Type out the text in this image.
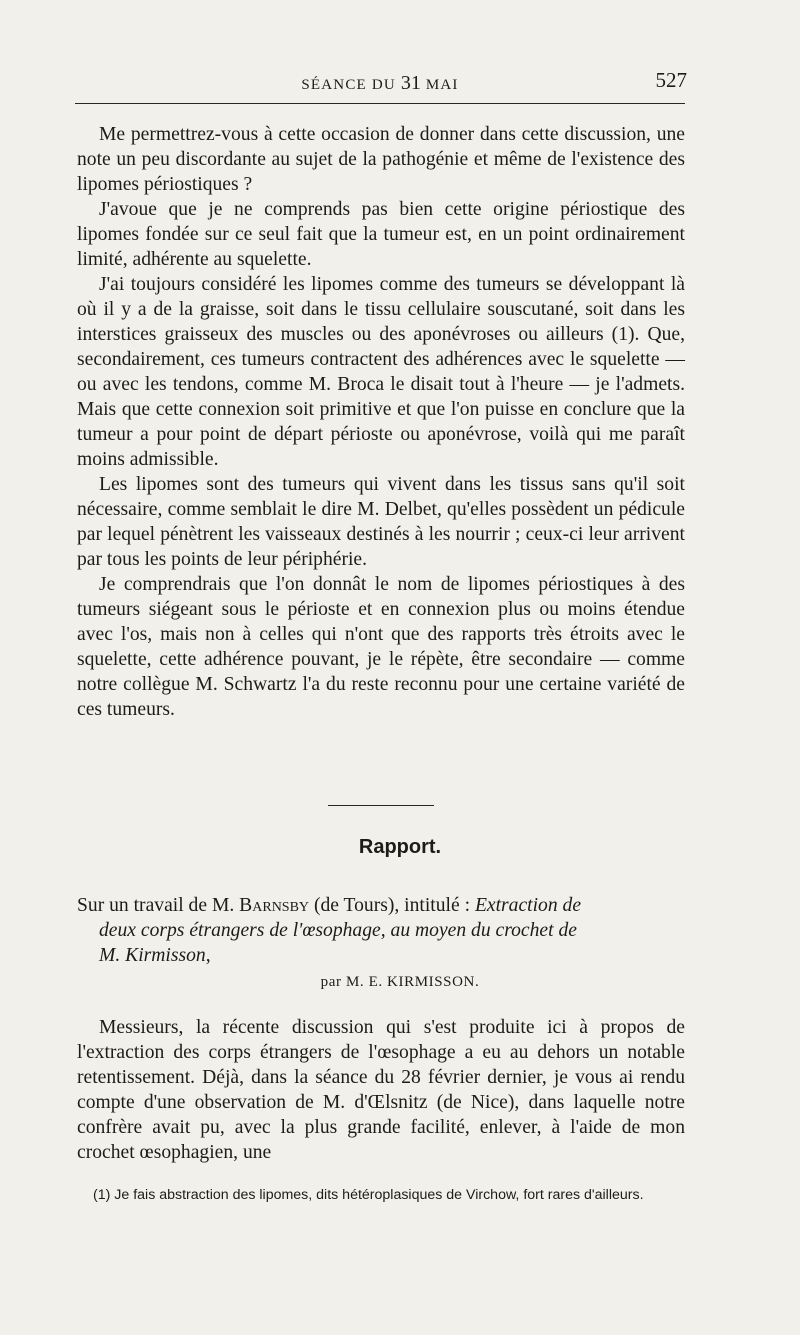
SÉANCE DU 31 MAI	527

Me permettrez-vous à cette occasion de donner dans cette discussion, une note un peu discordante au sujet de la pathogénie et même de l'existence des lipomes périostiques ?

J'avoue que je ne comprends pas bien cette origine périostique des lipomes fondée sur ce seul fait que la tumeur est, en un point ordinairement limité, adhérente au squelette.

J'ai toujours considéré les lipomes comme des tumeurs se développant là où il y a de la graisse, soit dans le tissu cellulaire souscutané, soit dans les interstices graisseux des muscles ou des aponévroses ou ailleurs (1). Que, secondairement, ces tumeurs contractent des adhérences avec le squelette — ou avec les tendons, comme M. Broca le disait tout à l'heure — je l'admets. Mais que cette connexion soit primitive et que l'on puisse en conclure que la tumeur a pour point de départ périoste ou aponévrose, voilà qui me paraît moins admissible.

Les lipomes sont des tumeurs qui vivent dans les tissus sans qu'il soit nécessaire, comme semblait le dire M. Delbet, qu'elles possèdent un pédicule par lequel pénètrent les vaisseaux destinés à les nourrir ; ceux-ci leur arrivent par tous les points de leur périphérie.

Je comprendrais que l'on donnât le nom de lipomes périostiques à des tumeurs siégeant sous le périoste et en connexion plus ou moins étendue avec l'os, mais non à celles qui n'ont que des rapports très étroits avec le squelette, cette adhérence pouvant, je le répète, être secondaire — comme notre collègue M. Schwartz l'a du reste reconnu pour une certaine variété de ces tumeurs.

Rapport.
Sur un travail de M. Barnsby (de Tours), intitulé : Extraction de
deux corps étrangers de l'œsophage, au moyen du crochet de
M. Kirmisson,
par M. E. KIRMISSON.

Messieurs, la récente discussion qui s'est produite ici à propos de l'extraction des corps étrangers de l'œsophage a eu au dehors un notable retentissement. Déjà, dans la séance du 28 février dernier, je vous ai rendu compte d'une observation de M. d'Œlsnitz (de Nice), dans laquelle notre confrère avait pu, avec la plus grande facilité, enlever, à l'aide de mon crochet œsophagien, une

(1) Je fais abstraction des lipomes, dits hétéroplasiques de Virchow, fort rares d'ailleurs.
